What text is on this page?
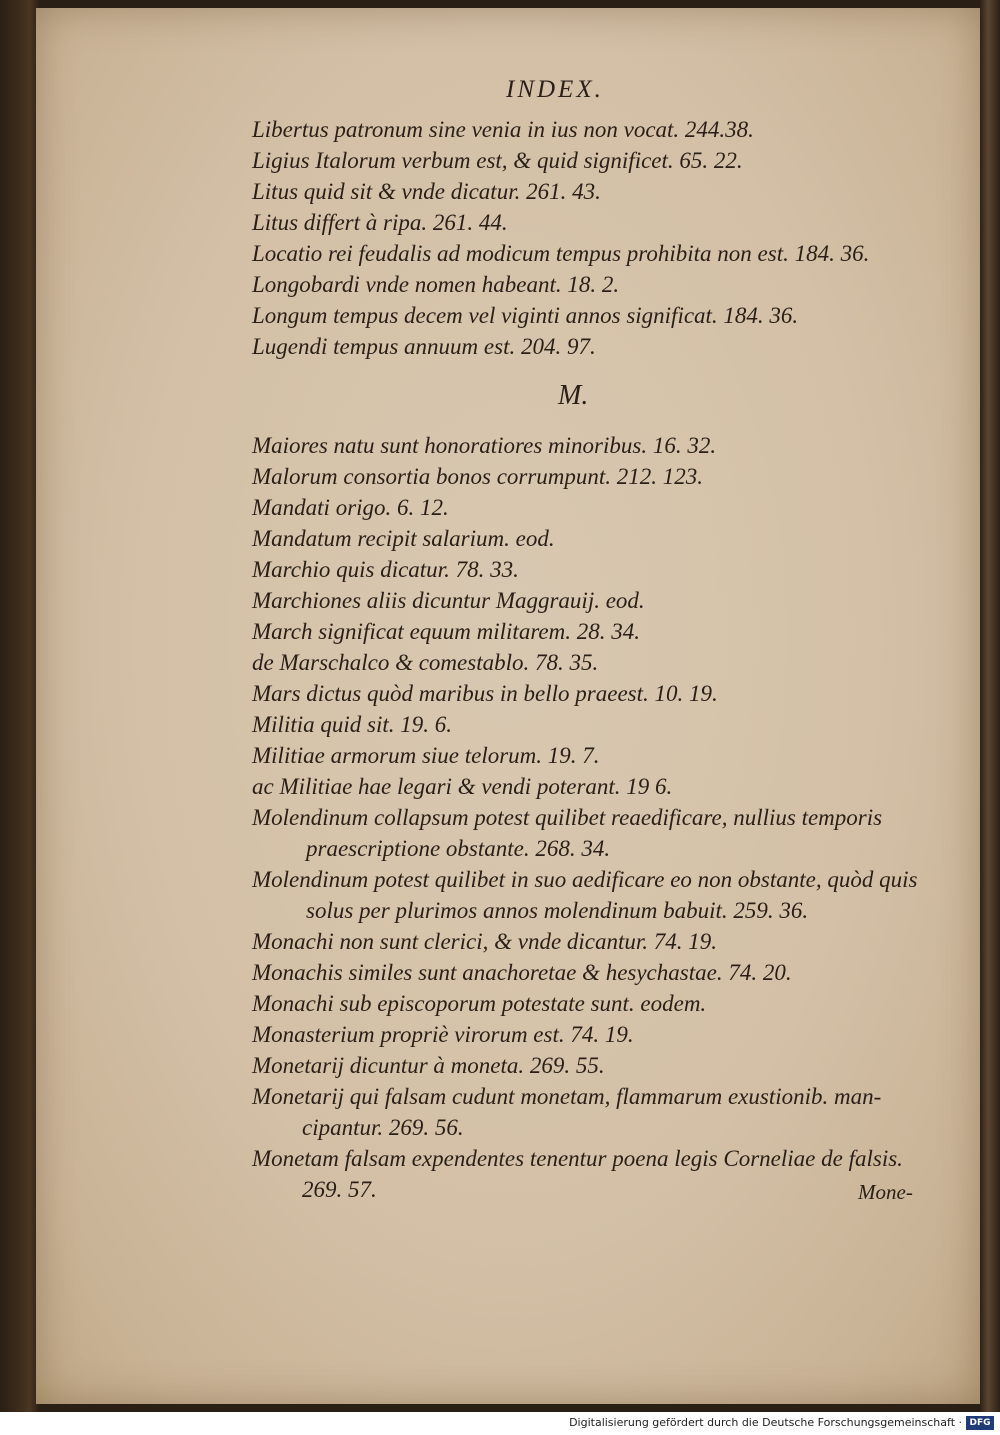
INDEX.
Libertus patronum sine venia in ius non vocat. 244.38.
Ligius Italorum verbum est, & quid significet. 65. 22.
Litus quid sit & vnde dicatur. 261. 43.
Litus differt à ripa. 261. 44.
Locatio rei feudalis ad modicum tempus prohibita non est. 184. 36.
Longobardi vnde nomen habeant. 18. 2.
Longum tempus decem vel viginti annos significat. 184. 36.
Lugendi tempus annuum est. 204. 97.
M.
Maiores natu sunt honoratiores minoribus. 16. 32.
Malorum consortia bonos corrumpunt. 212. 123.
Mandati origo. 6. 12.
Mandatum recipit salarium. eod.
Marchio quis dicatur. 78. 33.
Marchiones aliis dicuntur Maggrauij. eod.
March significat equum militarem. 28. 34.
de Marschalco & comestablo. 78. 35.
Mars dictus quòd maribus in bello praeest. 10. 19.
Militia quid sit. 19. 6.
Militiae armorum siue telorum. 19. 7.
ac Militiae hae legari & vendi poterant. 19 6.
Molendinum collapsum potest quilibet reaedificare, nullius temporis
praescriptione obstante. 268. 34.
Molendinum potest quilibet in suo aedificare eo non obstante, quòd quis
solus per plurimos annos molendinum babuit. 259. 36.
Monachi non sunt clerici, & vnde dicantur. 74. 19.
Monachis similes sunt anachoretae & hesychastae. 74. 20.
Monachi sub episcoporum potestate sunt. eodem.
Monasterium propriè virorum est. 74. 19.
Monetarij dicuntur à moneta. 269. 55.
Monetarij qui falsam cudunt monetam, flammarum exustionib. man-
cipantur. 269. 56.
Monetam falsam expendentes tenentur poena legis Corneliae de falsis.
269. 57.	Mone-
Digitalisierung gefördert durch die Deutsche Forschungsgemeinschaft · DFG
